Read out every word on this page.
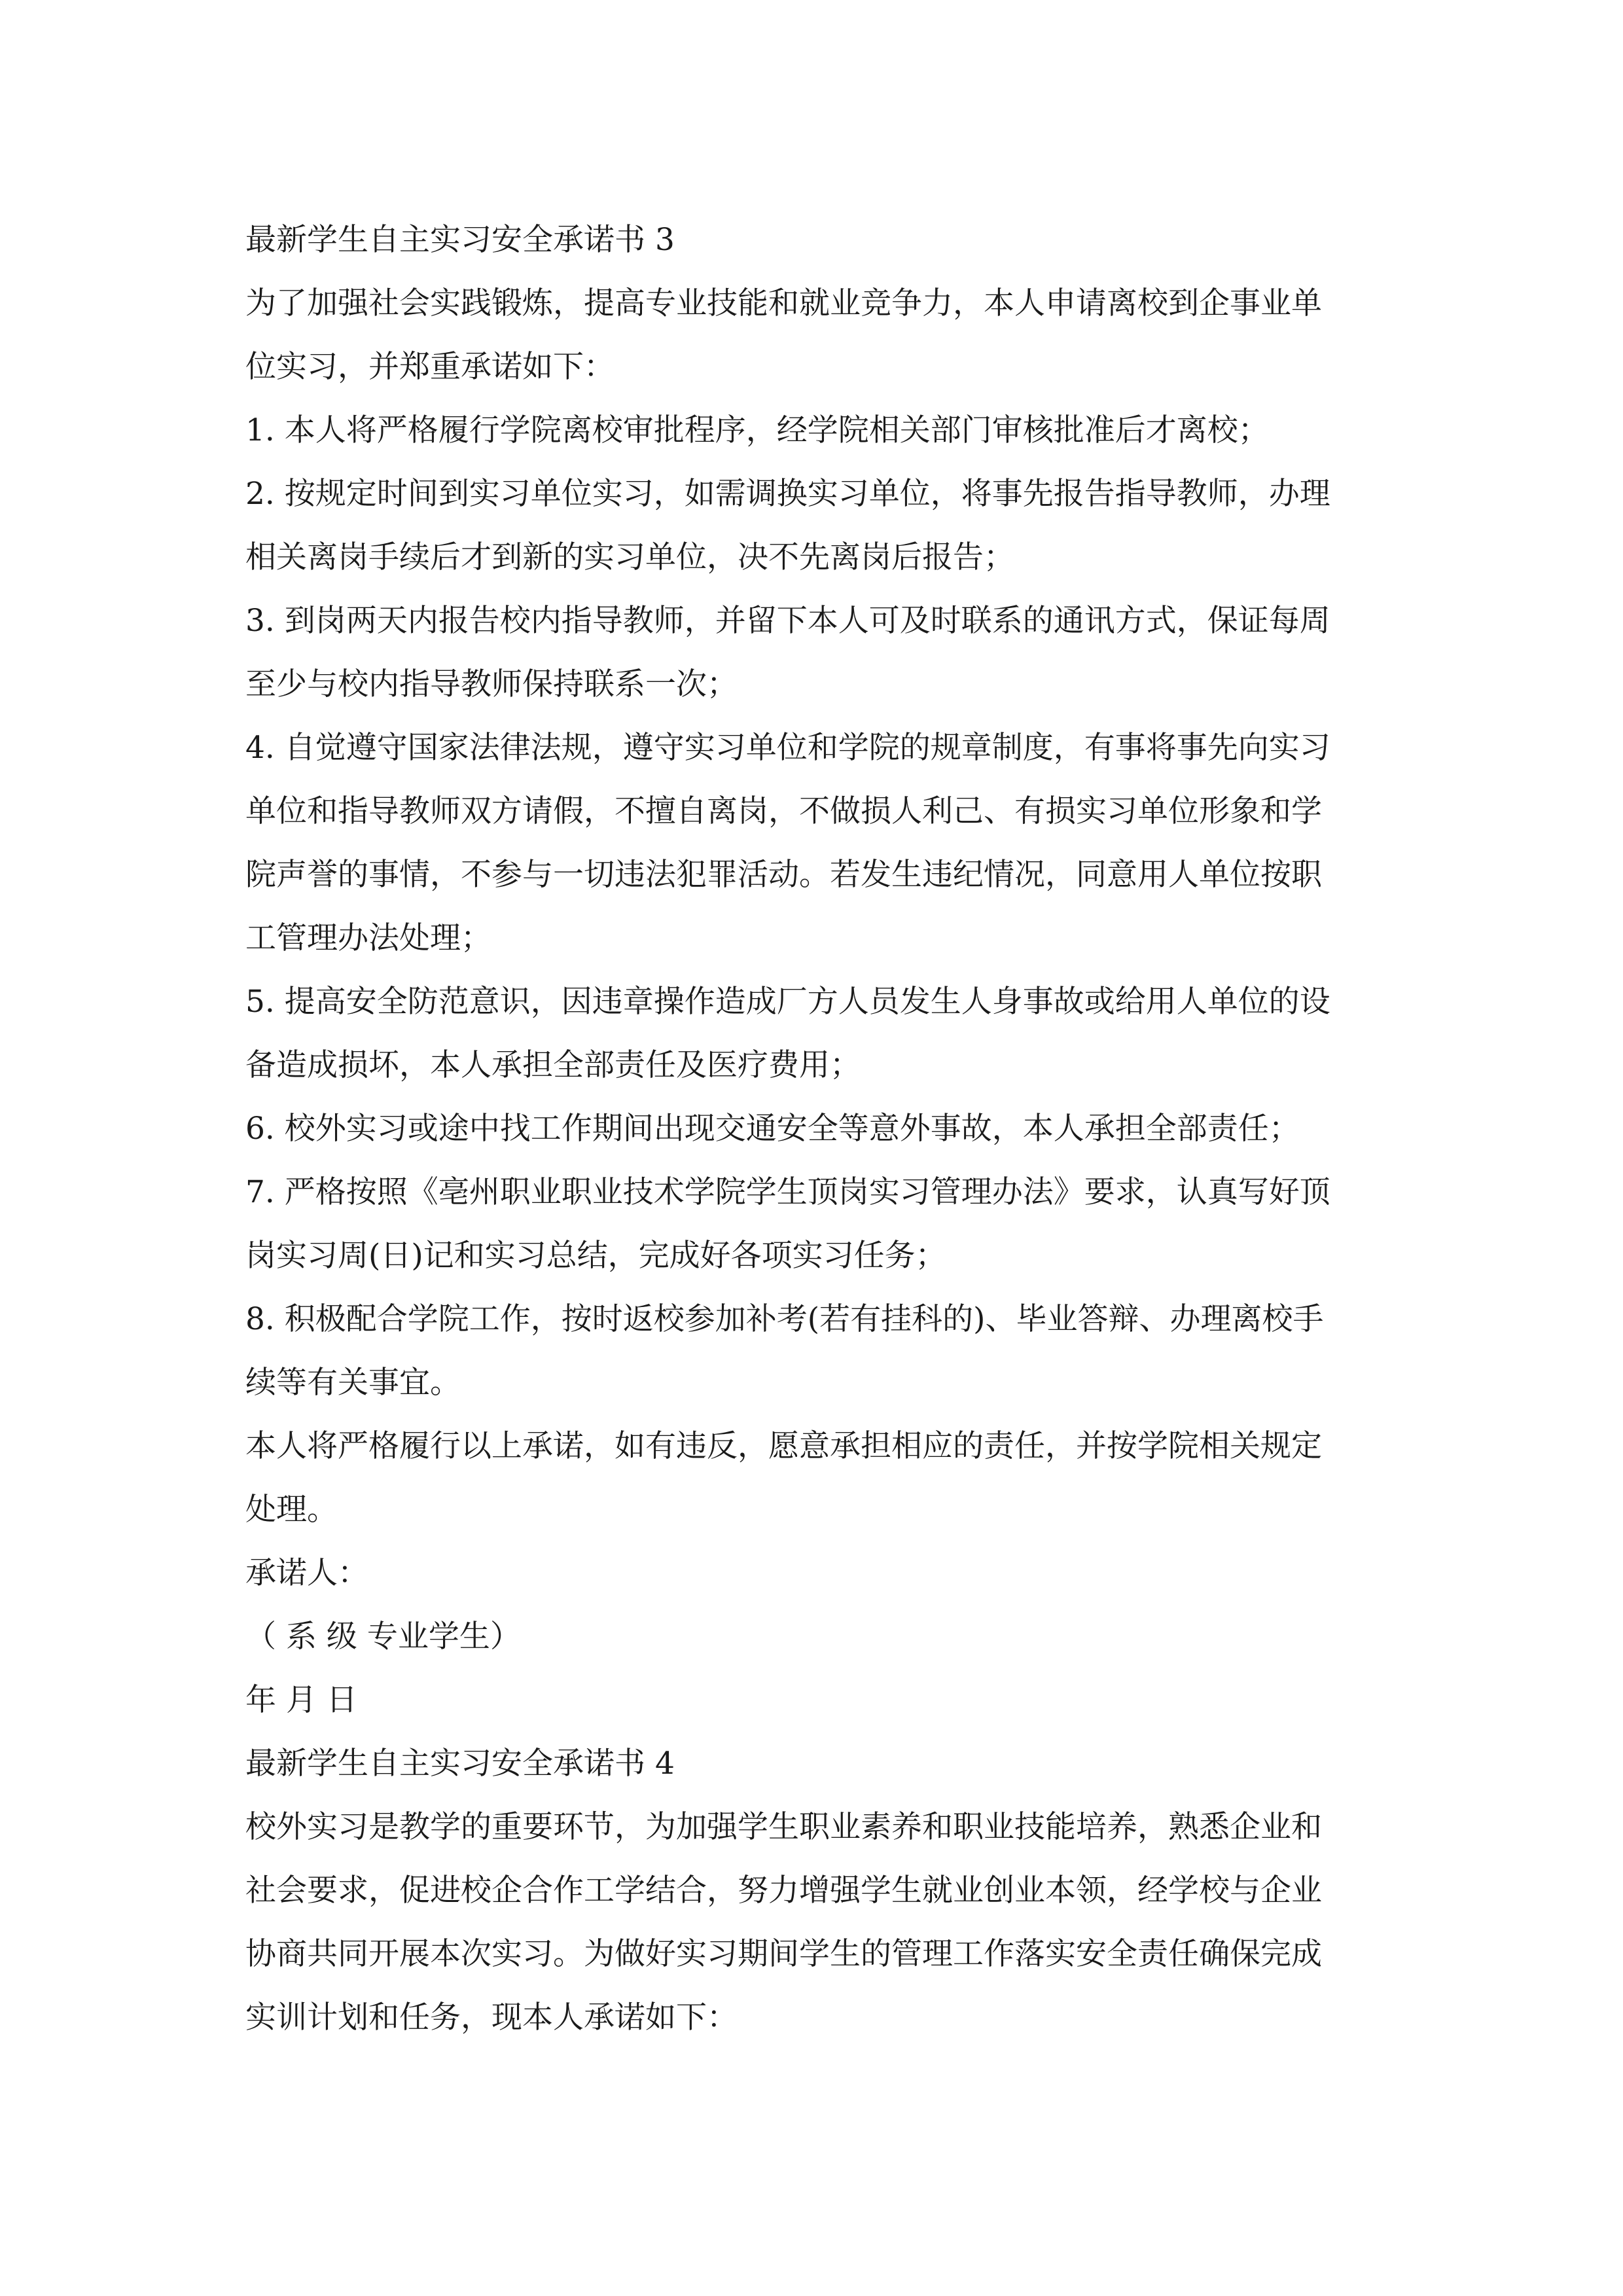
最新学生自主实习安全承诺书 3

为了加强社会实践锻炼，提高专业技能和就业竞争力，本人申请离校到企事业单

位实习，并郑重承诺如下：

1. 本人将严格履行学院离校审批程序，经学院相关部门审核批准后才离校；

2. 按规定时间到实习单位实习，如需调换实习单位，将事先报告指导教师，办理

相关离岗手续后才到新的实习单位，决不先离岗后报告；

3. 到岗两天内报告校内指导教师，并留下本人可及时联系的通讯方式，保证每周

至少与校内指导教师保持联系一次；

4. 自觉遵守国家法律法规，遵守实习单位和学院的规章制度，有事将事先向实习

单位和指导教师双方请假，不擅自离岗，不做损人利己、有损实习单位形象和学

院声誉的事情，不参与一切违法犯罪活动。若发生违纪情况，同意用人单位按职

工管理办法处理；

5. 提高安全防范意识，因违章操作造成厂方人员发生人身事故或给用人单位的设

备造成损坏，本人承担全部责任及医疗费用；

6. 校外实习或途中找工作期间出现交通安全等意外事故，本人承担全部责任；

7. 严格按照《亳州职业职业技术学院学生顶岗实习管理办法》要求，认真写好顶

岗实习周(日)记和实习总结，完成好各项实习任务；

8. 积极配合学院工作，按时返校参加补考(若有挂科的)、毕业答辩、办理离校手

续等有关事宜。

本人将严格履行以上承诺，如有违反，愿意承担相应的责任，并按学院相关规定

处理。

承诺人：

（ 系 级 专业学生）

年 月 日

最新学生自主实习安全承诺书 4

校外实习是教学的重要环节，为加强学生职业素养和职业技能培养，熟悉企业和

社会要求，促进校企合作工学结合，努力增强学生就业创业本领，经学校与企业

协商共同开展本次实习。为做好实习期间学生的管理工作落实安全责任确保完成

实训计划和任务，现本人承诺如下：
